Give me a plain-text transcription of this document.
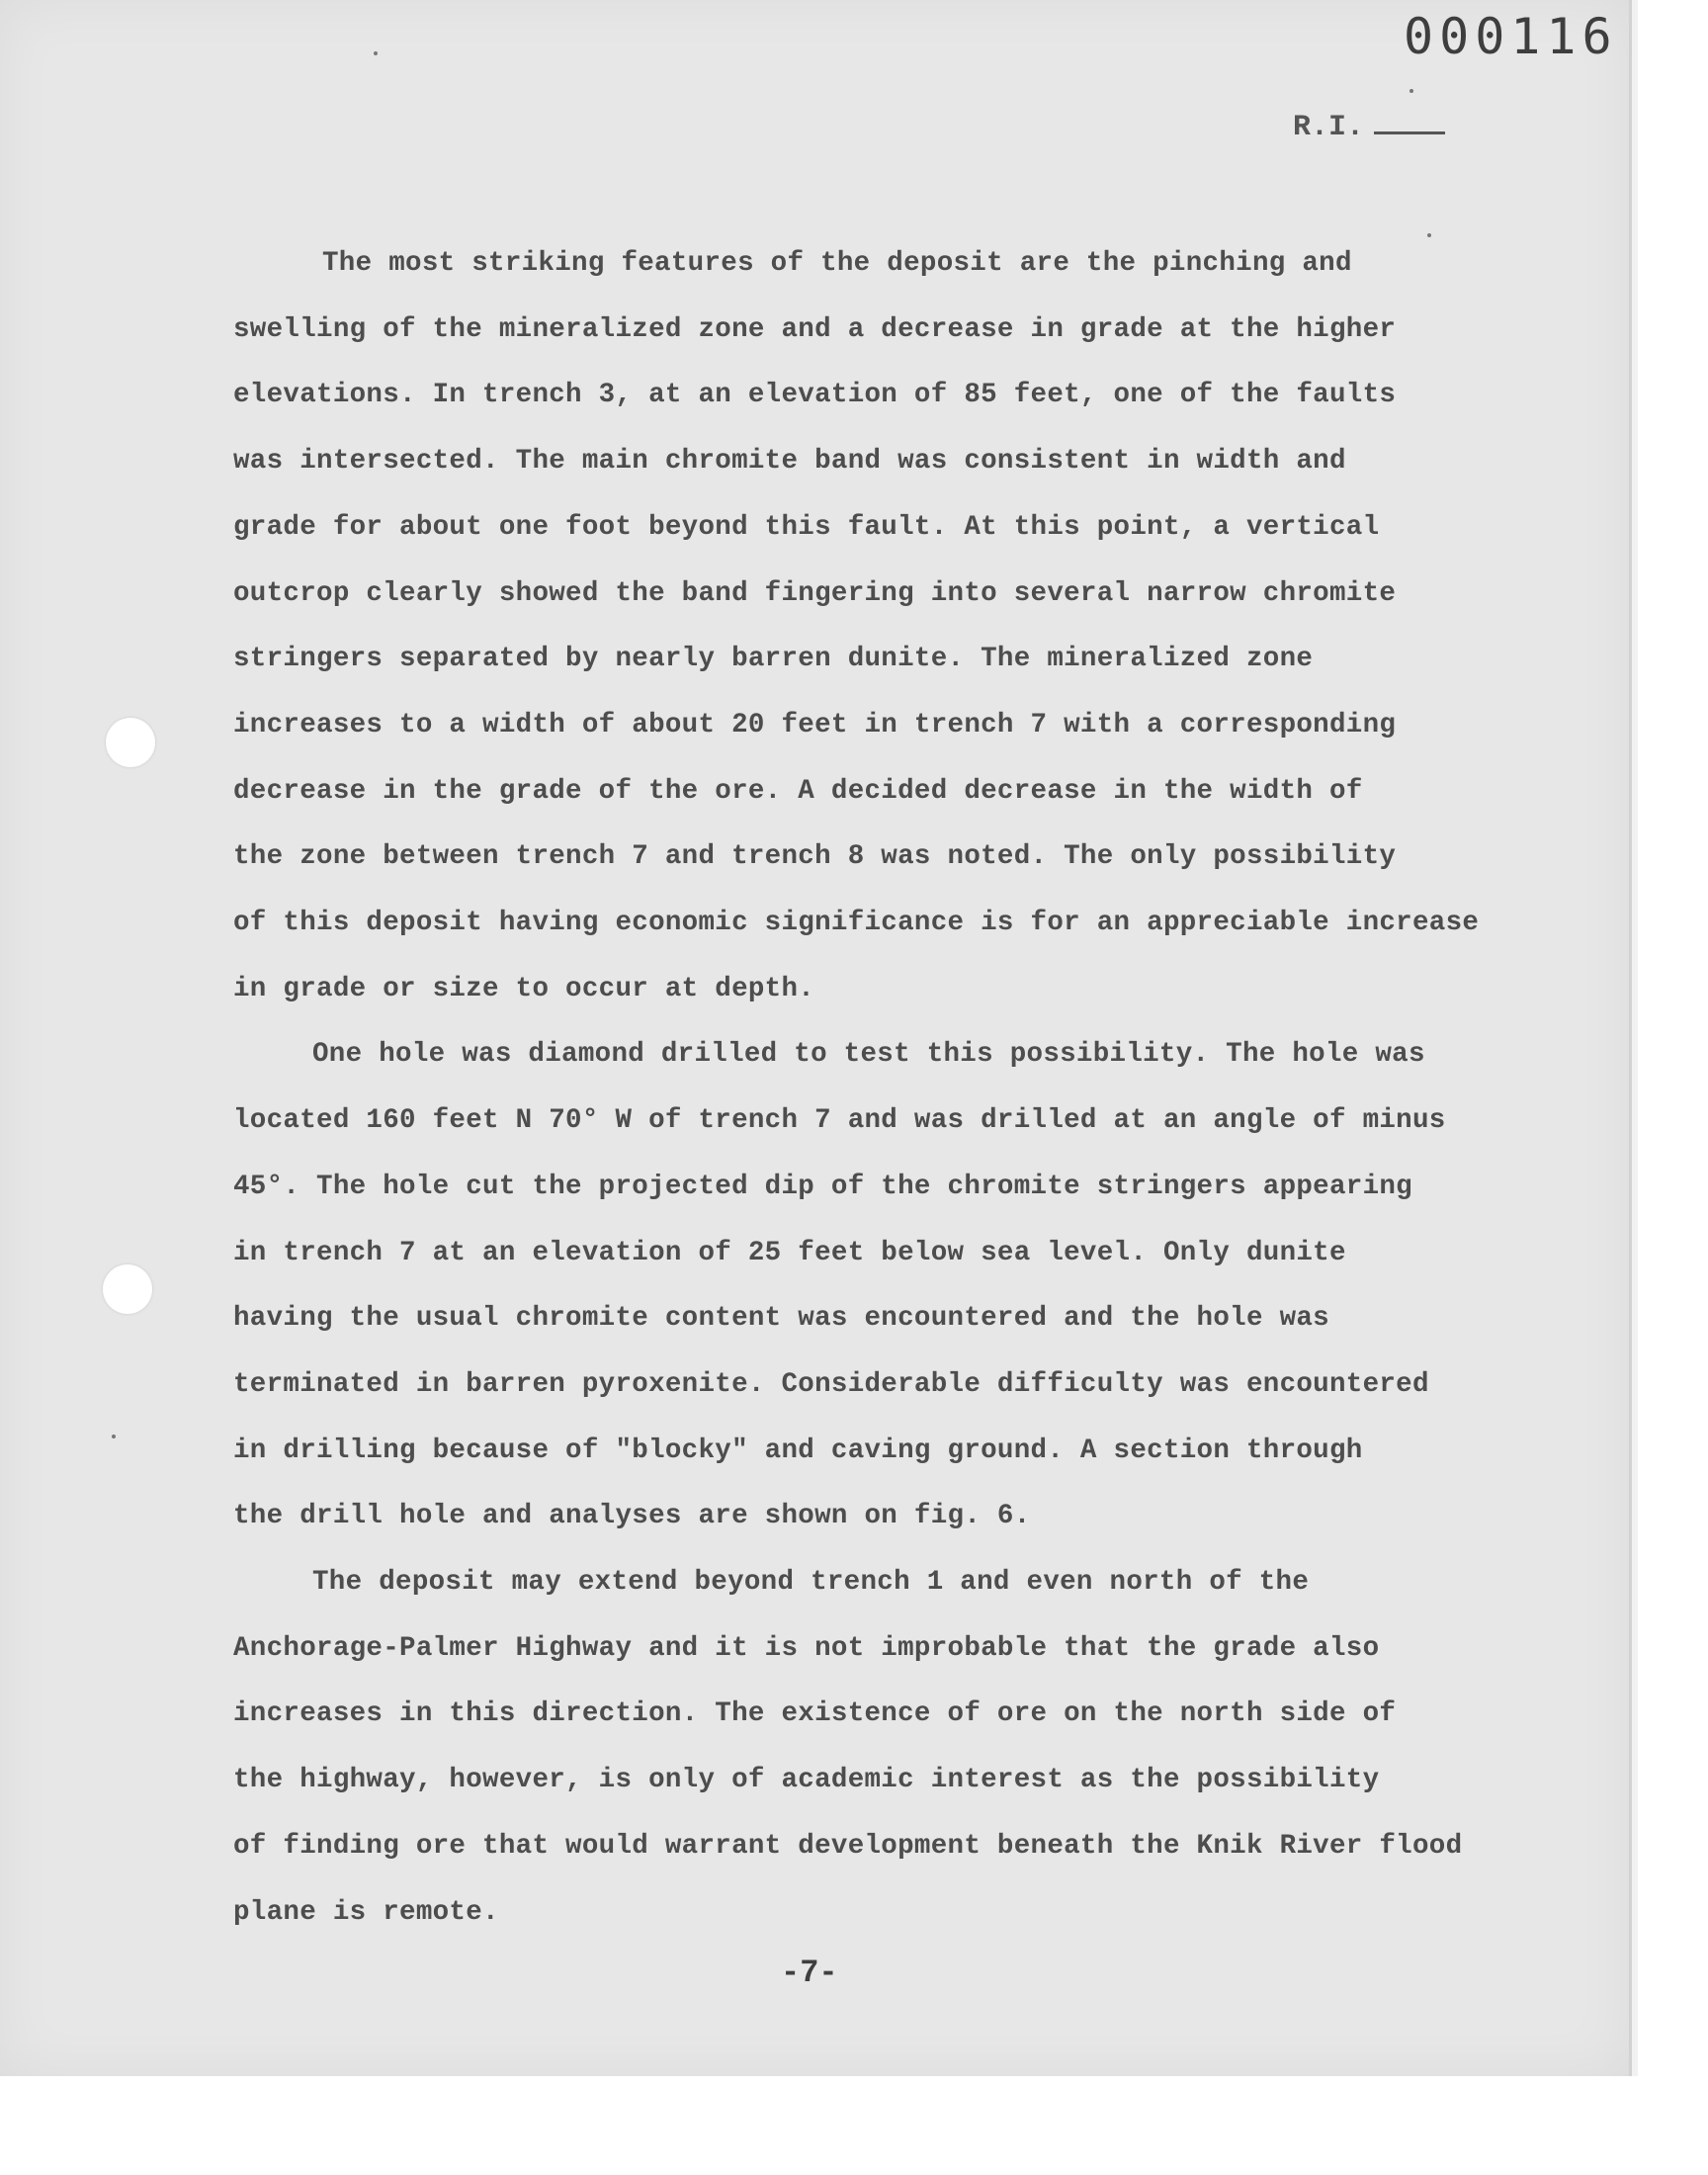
000116
R.I.
The most striking features of the deposit are the pinching and
swelling of the mineralized zone and a decrease in grade at the higher
elevations. In trench 3, at an elevation of 85 feet, one of the faults
was intersected. The main chromite band was consistent in width and
grade for about one foot beyond this fault. At this point, a vertical
outcrop clearly showed the band fingering into several narrow chromite
stringers separated by nearly barren dunite. The mineralized zone
increases to a width of about 20 feet in trench 7 with a corresponding
decrease in the grade of the ore. A decided decrease in the width of
the zone between trench 7 and trench 8 was noted. The only possibility
of this deposit having economic significance is for an appreciable increase
in grade or size to occur at depth.
One hole was diamond drilled to test this possibility. The hole was
located 160 feet N 70° W of trench 7 and was drilled at an angle of minus
45°. The hole cut the projected dip of the chromite stringers appearing
in trench 7 at an elevation of 25 feet below sea level. Only dunite
having the usual chromite content was encountered and the hole was
terminated in barren pyroxenite. Considerable difficulty was encountered
in drilling because of "blocky" and caving ground. A section through
the drill hole and analyses are shown on fig. 6.
The deposit may extend beyond trench 1 and even north of the
Anchorage-Palmer Highway and it is not improbable that the grade also
increases in this direction. The existence of ore on the north side of
the highway, however, is only of academic interest as the possibility
of finding ore that would warrant development beneath the Knik River flood
plane is remote.
-7-
